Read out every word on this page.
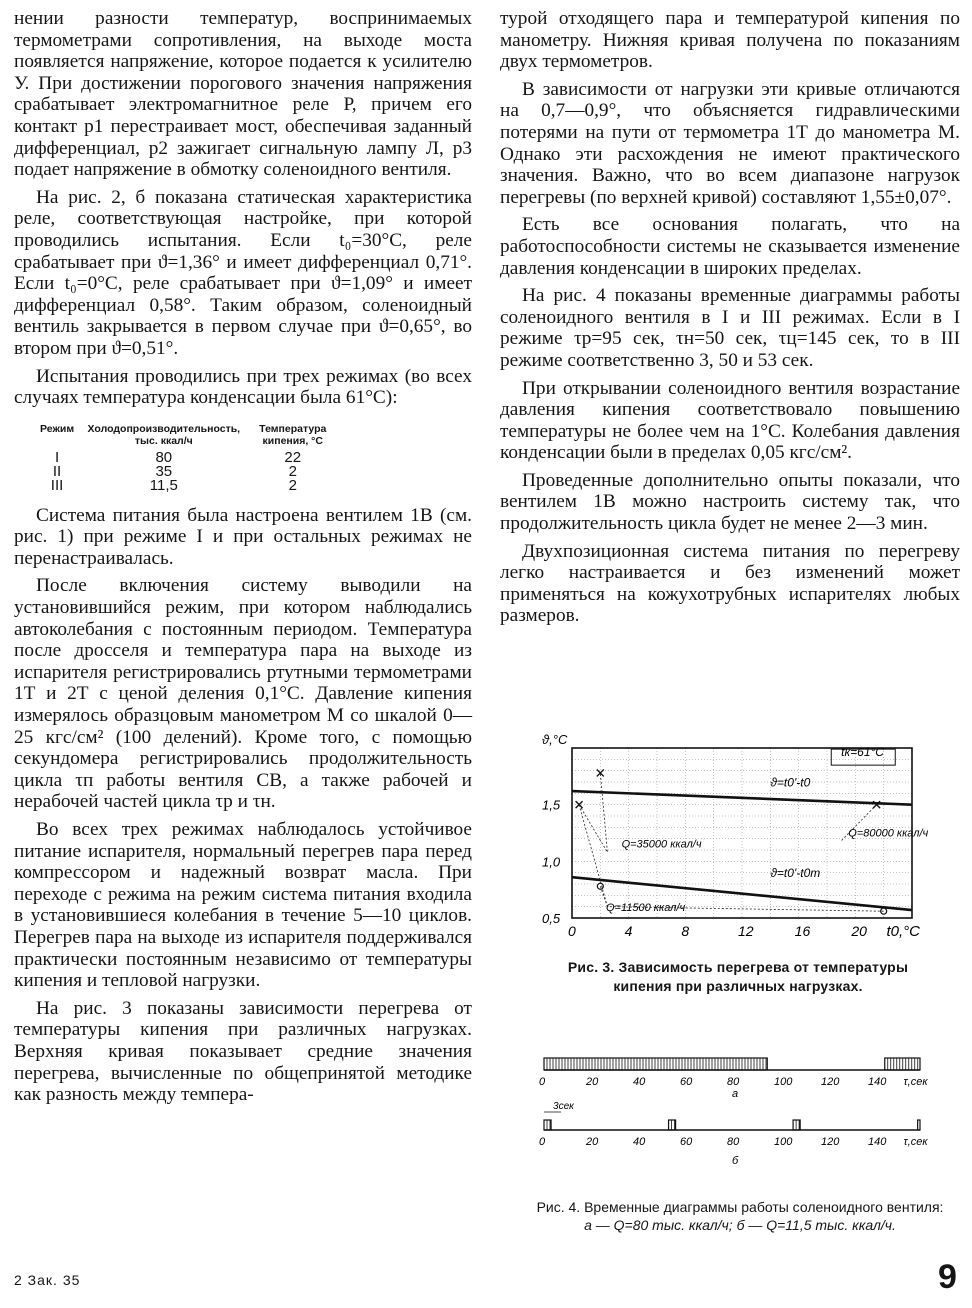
нении разности температур, воспринимаемых термометрами сопротивления, на выходе моста появляется напряжение, которое подается к усилителю У. При достижении порогового значения напряжения срабатывает электромагнитное реле Р, причем его контакт p1 перестраивает мост, обеспечивая заданный дифференциал, p2 зажигает сигнальную лампу Л, p3 подает напряжение в обмотку соленоидного вентиля.

На рис. 2, б показана статическая характеристика реле, соответствующая настройке, при которой проводились испытания. Если t₀=30°С, реле срабатывает при ϑ=1,36° и имеет дифференциал 0,71°. Если t₀=0°С, реле срабатывает при ϑ=1,09° и имеет дифференциал 0,58°. Таким образом, соленоидный вентиль закрывается в первом случае при ϑ=0,65°, во втором при ϑ=0,51°.

Испытания проводились при трех режимах (во всех случаях температура конденсации была 61°С):

Режим	Холодопроизводительность, тыс. ккал/ч	Температура кипения, °С
I	80	22
II	35	2
III	11,5	2

Система питания была настроена вентилем 1В (см. рис. 1) при режиме I и при остальных режимах не перенастраивалась.

После включения систему выводили на установившийся режим, при котором наблюдались автоколебания с постоянным периодом. Температура после дросселя и температура пара на выходе из испарителя регистрировались ртутными термометрами 1Т и 2Т с ценой деления 0,1°С. Давление кипения измерялось образцовым манометром М со шкалой 0—25 кгс/см² (100 делений). Кроме того, с помощью секундомера регистрировались продолжительность цикла τп работы вентиля СВ, а также рабочей и нерабочей частей цикла τр и τн.

Во всех трех режимах наблюдалось устойчивое питание испарителя, нормальный перегрев пара перед компрессором и надежный возврат масла. При переходе с режима на режим система питания входила в установившиеся колебания в течение 5—10 циклов. Перегрев пара на выходе из испарителя поддерживался практически постоянным независимо от температуры кипения и тепловой нагрузки.

На рис. 3 показаны зависимости перегрева от температуры кипения при различных нагрузках. Верхняя кривая показывает средние значения перегрева, вычисленные по общепринятой методике как разность между темпера-

турой отходящего пара и температурой кипения по манометру. Нижняя кривая получена по показаниям двух термометров.

В зависимости от нагрузки эти кривые отличаются на 0,7—0,9°, что объясняется гидравлическими потерями на пути от термометра 1Т до манометра М. Однако эти расхождения не имеют практического значения. Важно, что во всем диапазоне нагрузок перегревы (по верхней кривой) составляют 1,55±0,07°.

Есть все основания полагать, что на работоспособности системы не сказывается изменение давления конденсации в широких пределах.

На рис. 4 показаны временные диаграммы работы соленоидного вентиля в I и III режимах. Если в I режиме τр=95 сек, τн=50 сек, τц=145 сек, то в III режиме соответственно 3, 50 и 53 сек.

При открывании соленоидного вентиля возрастание давления кипения соответствовало повышению температуры не более чем на 1°С. Колебания давления конденсации были в пределах 0,05 кгс/см².

Проведенные дополнительно опыты показали, что вентилем 1В можно настроить систему так, что продолжительность цикла будет не менее 2—3 мин.

Двухпозиционная система питания по перегреву легко настраивается и без изменений может применяться на кожухотрубных испарителях любых размеров.

0	4	8	12	16	20
0,5
1,0
1,5
ϑ,°C
t0,°C
tк=61°С
ϑ=t0'-t0
Q=80000 ккал/ч
Q=35000 ккал/ч
ϑ=t0'-t0т
Q=11500 ккал/ч
Рис. 3. Зависимость перегрева от температуры кипения при различных нагрузках.
0	20	40	60	80	100	120	140 τ,сек
0	20	40	60	80	100	120	140 τ,сек
а
б
3сек
Рис. 4. Временные диаграммы работы соленоидного вентиля:
а — Q=80 тыс. ккал/ч; б — Q=11,5 тыс. ккал/ч.
2 Зак. 35	9
